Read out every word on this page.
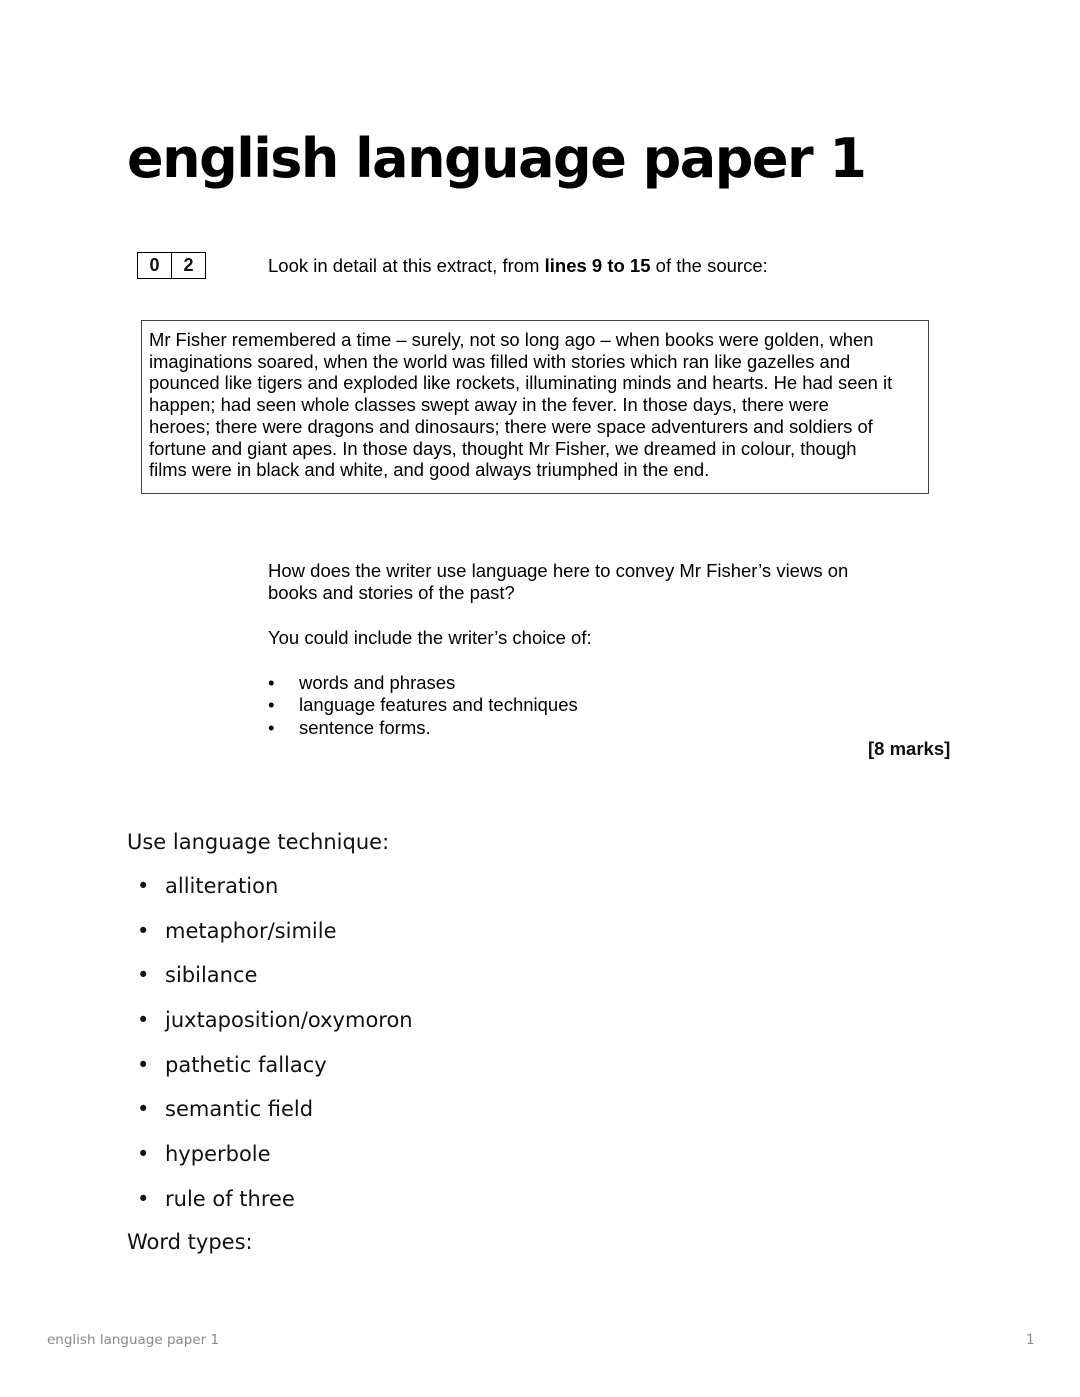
english language paper 1
0	2	Look in detail at this extract, from lines 9 to 15 of the source:

Mr Fisher remembered a time – surely, not so long ago – when books were golden, when

imaginations soared, when the world was filled with stories which ran like gazelles and

pounced like tigers and exploded like rockets, illuminating minds and hearts. He had seen it

happen; had seen whole classes swept away in the fever. In those days, there were

heroes; there were dragons and dinosaurs; there were space adventurers and soldiers of

fortune and giant apes. In those days, thought Mr Fisher, we dreamed in colour, though

films were in black and white, and good always triumphed in the end.

How does the writer use language here to convey Mr Fisher’s views on
books and stories of the past?

You could include the writer’s choice of:

•	words and phrases
•	language features and techniques
•	sentence forms.

[8 marks]

Use language technique:

• alliteration
• metaphor/simile
• sibilance
• juxtaposition/oxymoron
• pathetic fallacy
• semantic field
• hyperbole
• rule of three

Word types:

english language paper 1	1
